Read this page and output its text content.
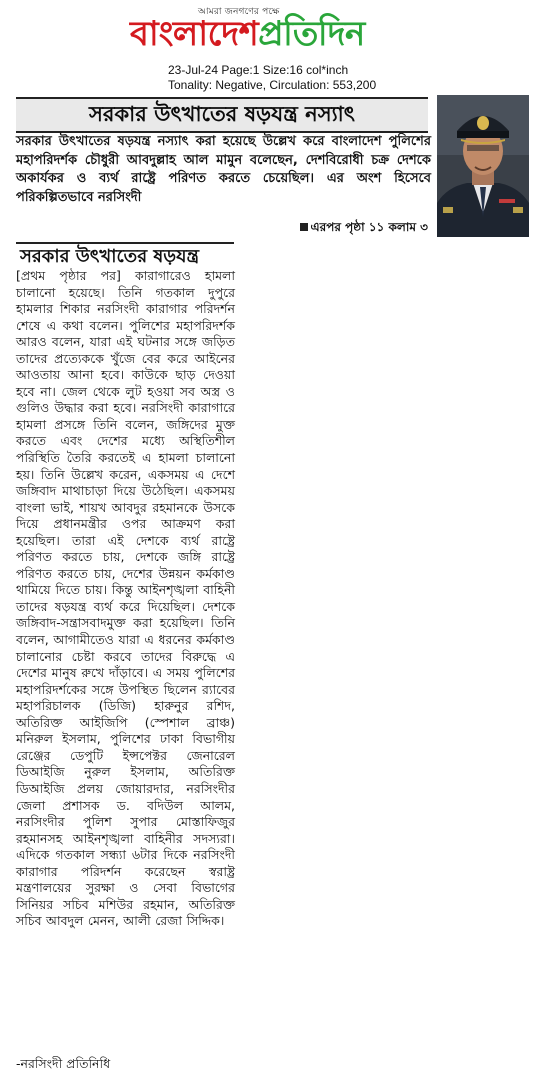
আমরা জনগণের পক্ষে
বাংলাদেশপ্রতিদিন
23-Jul-24 Page:1 Size:16 col*inch
Tonality: Negative, Circulation: 553,200
সরকার উৎখাতের ষড়যন্ত্র নস্যাৎ
সরকার উৎখাতের ষড়যন্ত্র নস্যাৎ করা হয়েছে উল্লেখ করে বাংলাদেশ পুলিশের মহাপরিদর্শক চৌধুরী আবদুল্লাহ আল মামুন বলেছেন, দেশবিরোধী চক্র দেশকে অকার্যকর ও ব্যর্থ রাষ্ট্রে পরিণত করতে চেয়েছিল। এর অংশ হিসেবে পরিকল্পিতভাবে নরসিংদী
এরপর পৃষ্ঠা ১১ কলাম ৩
সরকার উৎখাতের ষড়যন্ত্র
[প্রথম পৃষ্ঠার পর] কারাগারেও হামলা চালানো হয়েছে। তিনি গতকাল দুপুরে হামলার শিকার নরসিংদী কারাগার পরিদর্শন শেষে এ কথা বলেন। পুলিশের মহাপরিদর্শক আরও বলেন, যারা এই ঘটনার সঙ্গে জড়িত তাদের প্রত্যেককে খুঁজে বের করে আইনের আওতায় আনা হবে। কাউকে ছাড় দেওয়া হবে না। জেল থেকে লুট হওয়া সব অস্ত্র ও গুলিও উদ্ধার করা হবে। নরসিংদী কারাগারে হামলা প্রসঙ্গে তিনি বলেন, জঙ্গিদের মুক্ত করতে এবং দেশের মধ্যে অস্থিতিশীল পরিস্থিতি তৈরি করতেই এ হামলা চালানো হয়। তিনি উল্লেখ করেন, একসময় এ দেশে জঙ্গিবাদ মাথাচাড়া দিয়ে উঠেছিল। একসময় বাংলা ভাই, শায়খ আবদুর রহমানকে উসকে দিয়ে প্রধানমন্ত্রীর ওপর আক্রমণ করা হয়েছিল। তারা এই দেশকে ব্যর্থ রাষ্ট্রে পরিণত করতে চায়, দেশকে জঙ্গি রাষ্ট্রে পরিণত করতে চায়, দেশের উন্নয়ন কর্মকাণ্ড থামিয়ে দিতে চায়। কিন্তু আইনশৃঙ্খলা বাহিনী তাদের ষড়যন্ত্র ব্যর্থ করে দিয়েছিল। দেশকে জঙ্গিবাদ-সন্ত্রাসবাদমুক্ত করা হয়েছিল। তিনি বলেন, আগামীতেও যারা এ ধরনের কর্মকাণ্ড চালানোর চেষ্টা করবে তাদের বিরুদ্ধে এ দেশের মানুষ রুখে দাঁড়াবে। এ সময় পুলিশের মহাপরিদর্শকের সঙ্গে উপস্থিত ছিলেন র‍্যাবের মহাপরিচালক (ডিজি) হারুনুর রশিদ, অতিরিক্ত আইজিপি (স্পেশাল ব্রাঞ্চ) মনিরুল ইসলাম, পুলিশের ঢাকা বিভাগীয় রেঞ্জের ডেপুটি ইন্সপেক্টর জেনারেল ডিআইজি নুরুল ইসলাম, অতিরিক্ত ডিআইজি প্রলয় জোয়ারদার, নরসিংদীর জেলা প্রশাসক ড. বদিউল আলম, নরসিংদীর পুলিশ সুপার মোস্তাফিজুর রহমানসহ আইনশৃঙ্খলা বাহিনীর সদস্যরা। এদিকে গতকাল সন্ধ্যা ৬টার দিকে নরসিংদী কারাগার পরিদর্শন করেছেন স্বরাষ্ট্র মন্ত্রণালয়ের সুরক্ষা ও সেবা বিভাগের সিনিয়র সচিব মশিউর রহমান, অতিরিক্ত সচিব আবদুল মেনন, আলী রেজা সিদ্দিক।
-নরসিংদী প্রতিনিধি
